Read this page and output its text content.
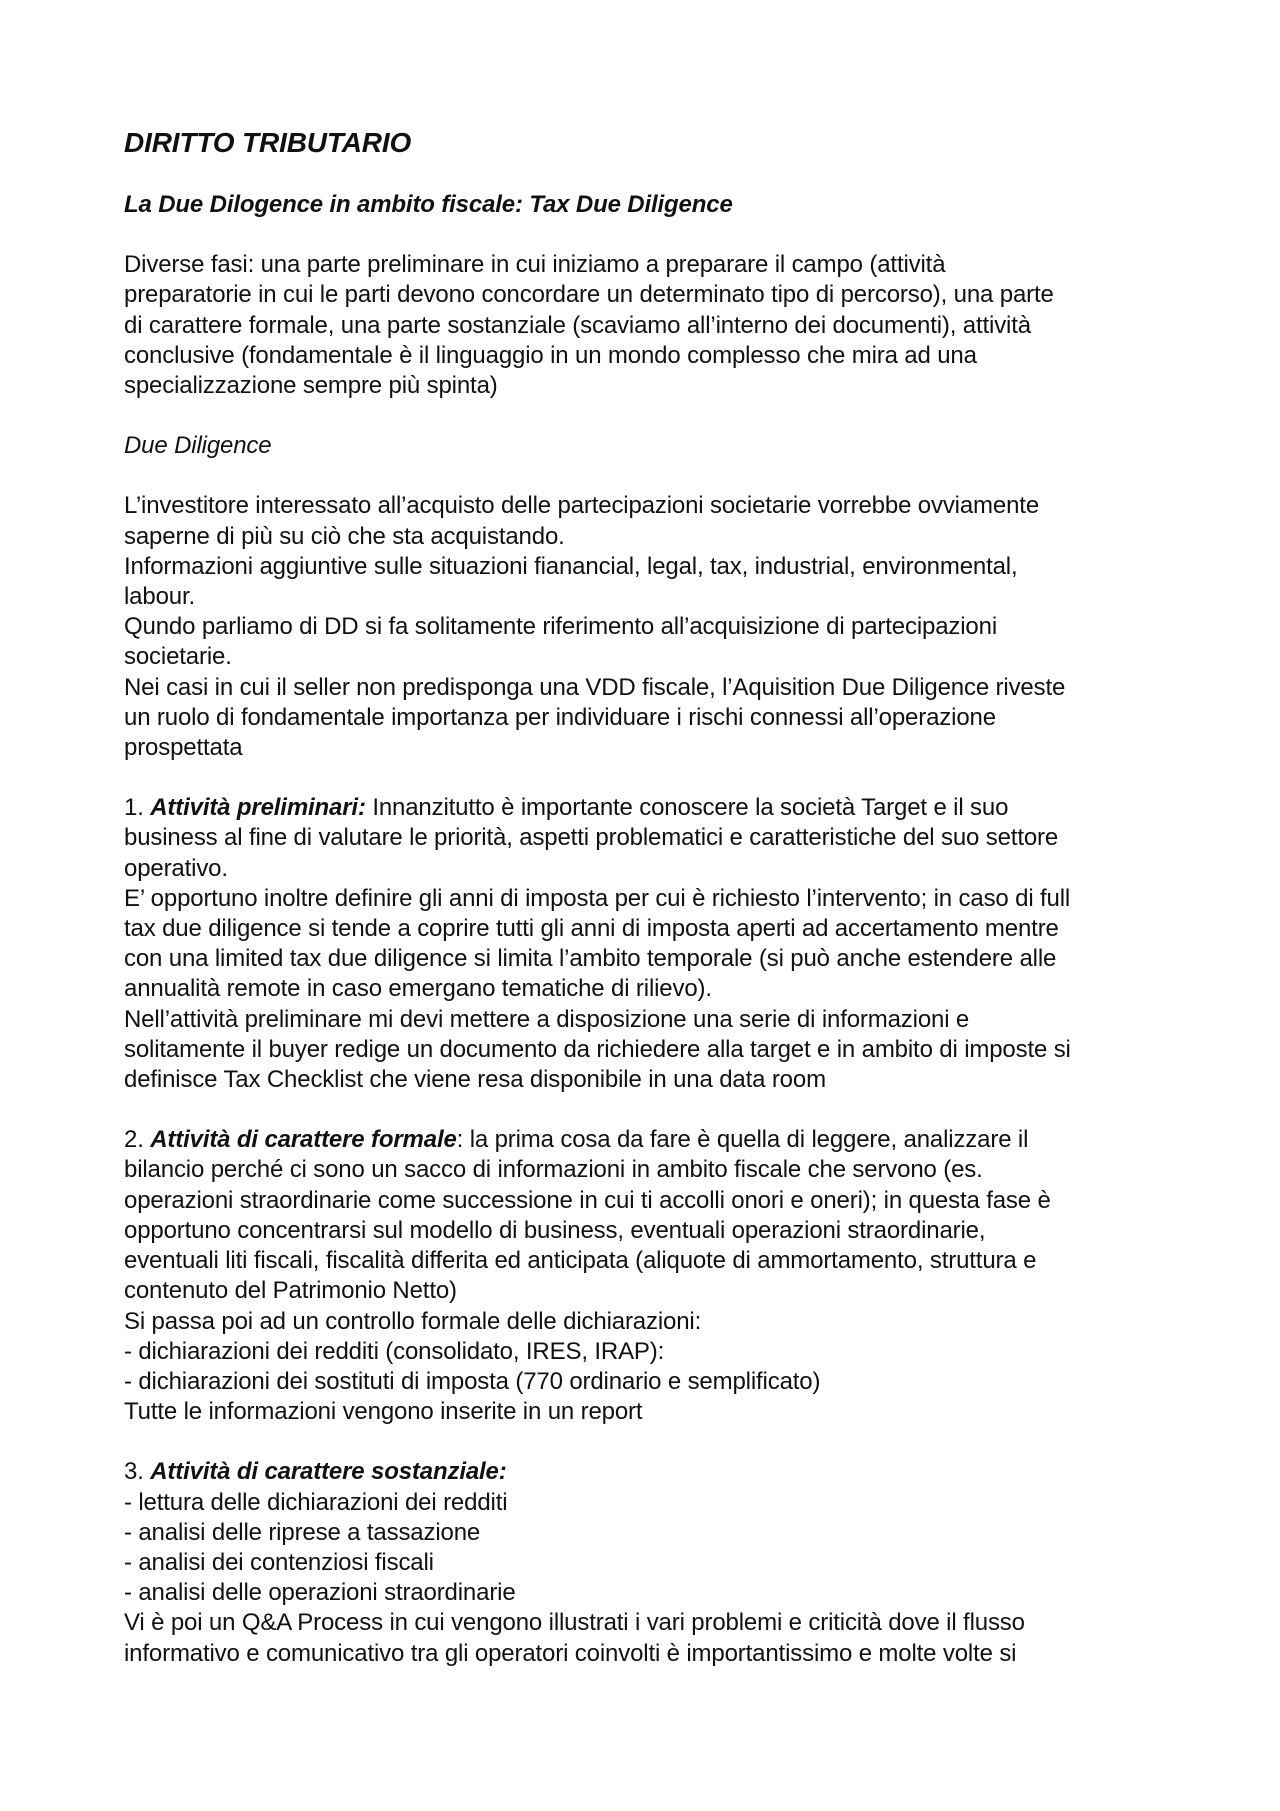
DIRITTO TRIBUTARIO

La Due Dilogence in ambito fiscale: Tax Due Diligence

Diverse fasi: una parte preliminare in cui iniziamo a preparare il campo (attività
preparatorie in cui le parti devono concordare un determinato tipo di percorso), una parte
di carattere formale, una parte sostanziale (scaviamo all’interno dei documenti), attività
conclusive (fondamentale è il linguaggio in un mondo complesso che mira ad una
specializzazione sempre più spinta)

Due Diligence

L’investitore interessato all’acquisto delle partecipazioni societarie vorrebbe ovviamente
saperne di più su ciò che sta acquistando.
Informazioni aggiuntive sulle situazioni fianancial, legal, tax, industrial, environmental,
labour.
Qundo parliamo di DD si fa solitamente riferimento all’acquisizione di partecipazioni
societarie.
Nei casi in cui il seller non predisponga una VDD fiscale, l’Aquisition Due Diligence riveste
un ruolo di fondamentale importanza per individuare i rischi connessi all’operazione
prospettata

1. Attività preliminari: Innanzitutto è importante conoscere la società Target e il suo
business al fine di valutare le priorità, aspetti problematici e caratteristiche del suo settore
operativo.
E’ opportuno inoltre definire gli anni di imposta per cui è richiesto l’intervento; in caso di full
tax due diligence si tende a coprire tutti gli anni di imposta aperti ad accertamento mentre
con una limited tax due diligence si limita l’ambito temporale (si può anche estendere alle
annualità remote in caso emergano tematiche di rilievo).
Nell’attività preliminare mi devi mettere a disposizione una serie di informazioni e
solitamente il buyer redige un documento da richiedere alla target e in ambito di imposte si
definisce Tax Checklist che viene resa disponibile in una data room

2. Attività di carattere formale: la prima cosa da fare è quella di leggere, analizzare il
bilancio perché ci sono un sacco di informazioni in ambito fiscale che servono (es.
operazioni straordinarie come successione in cui ti accolli onori e oneri); in questa fase è
opportuno concentrarsi sul modello di business, eventuali operazioni straordinarie,
eventuali liti fiscali, fiscalità differita ed anticipata (aliquote di ammortamento, struttura e
contenuto del Patrimonio Netto)
Si passa poi ad un controllo formale delle dichiarazioni:
- dichiarazioni dei redditi (consolidato, IRES, IRAP):
- dichiarazioni dei sostituti di imposta (770 ordinario e semplificato)
Tutte le informazioni vengono inserite in un report

3. Attività di carattere sostanziale:
- lettura delle dichiarazioni dei redditi
- analisi delle riprese a tassazione
- analisi dei contenziosi fiscali
- analisi delle operazioni straordinarie
Vi è poi un Q&A Process in cui vengono illustrati i vari problemi e criticità dove il flusso
informativo e comunicativo tra gli operatori coinvolti è importantissimo e molte volte si
